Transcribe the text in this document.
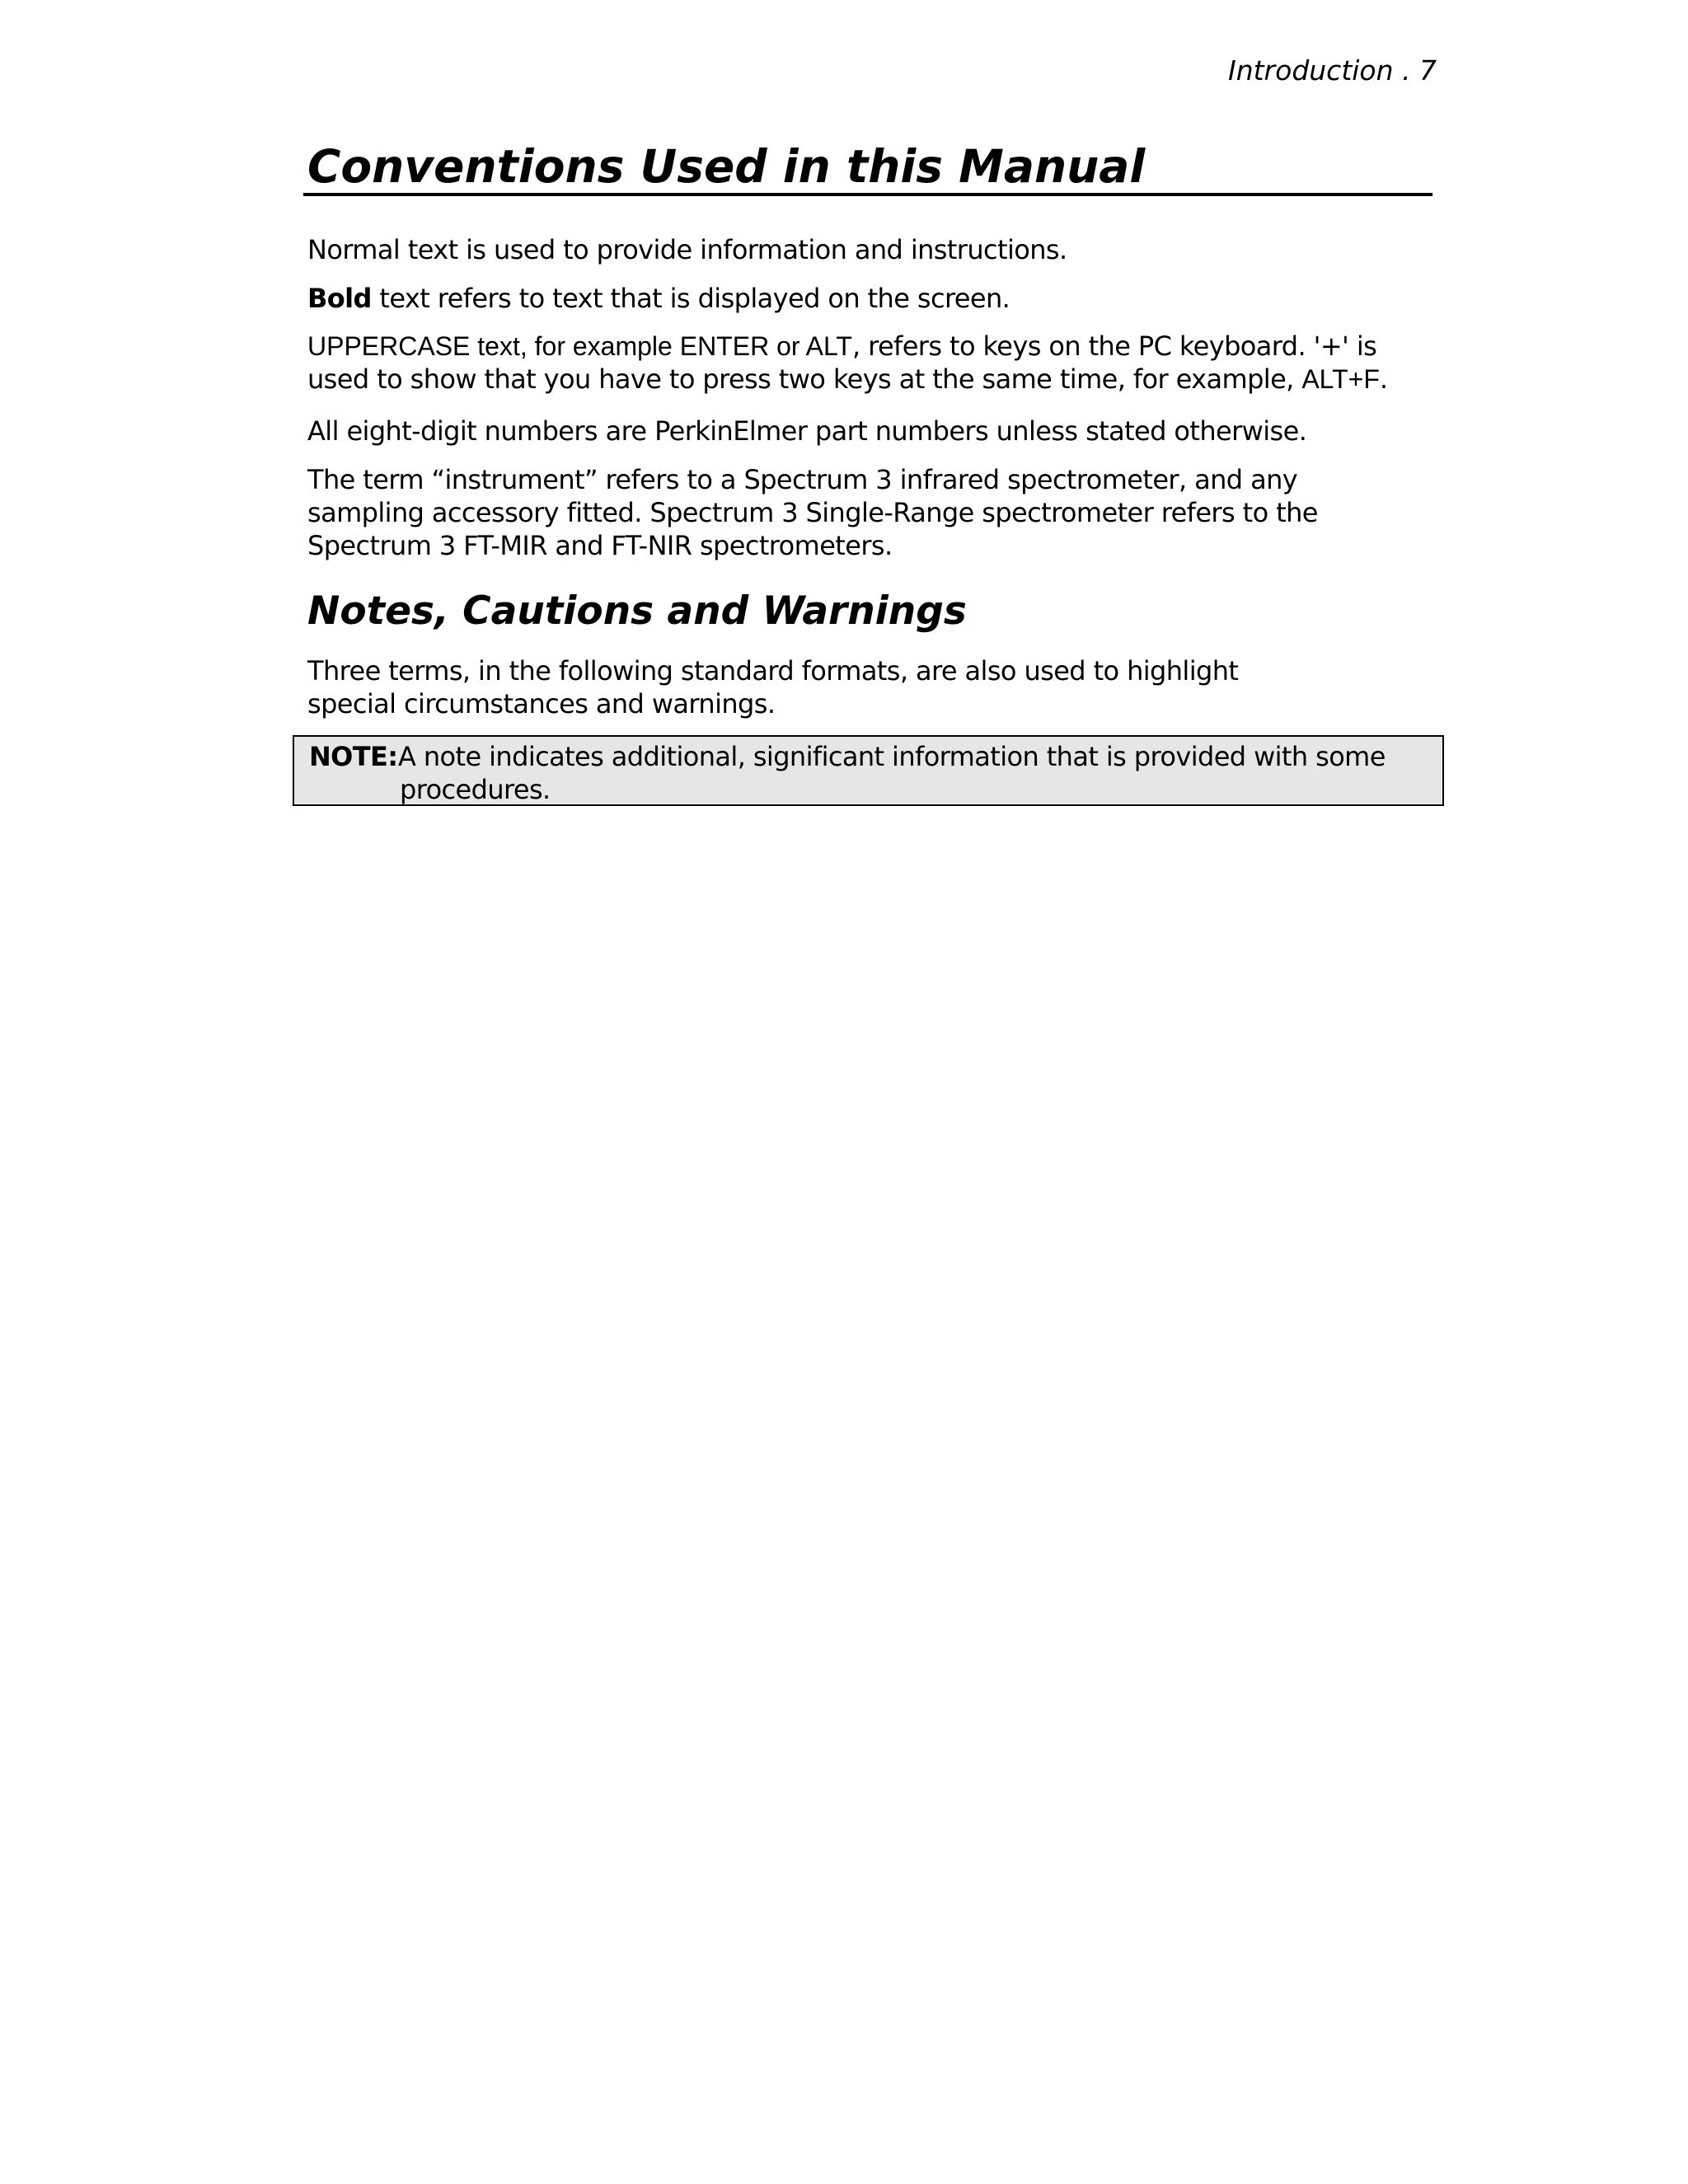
Introduction . 7
Conventions Used in this Manual

Normal text is used to provide information and instructions.

Bold text refers to text that is displayed on the screen.

UPPERCASE text, for example ENTER or ALT, refers to keys on the PC keyboard. '+' is used to show that you have to press two keys at the same time, for example, ALT+F.

All eight-digit numbers are PerkinElmer part numbers unless stated otherwise.

The term “instrument” refers to a Spectrum 3 infrared spectrometer, and any sampling accessory fitted. Spectrum 3 Single-Range spectrometer refers to the Spectrum 3 FT-MIR and FT-NIR spectrometers.

Notes, Cautions and Warnings

Three terms, in the following standard formats, are also used to highlight special circumstances and warnings.

NOTE: A note indicates additional, significant information that is provided with some procedures.
